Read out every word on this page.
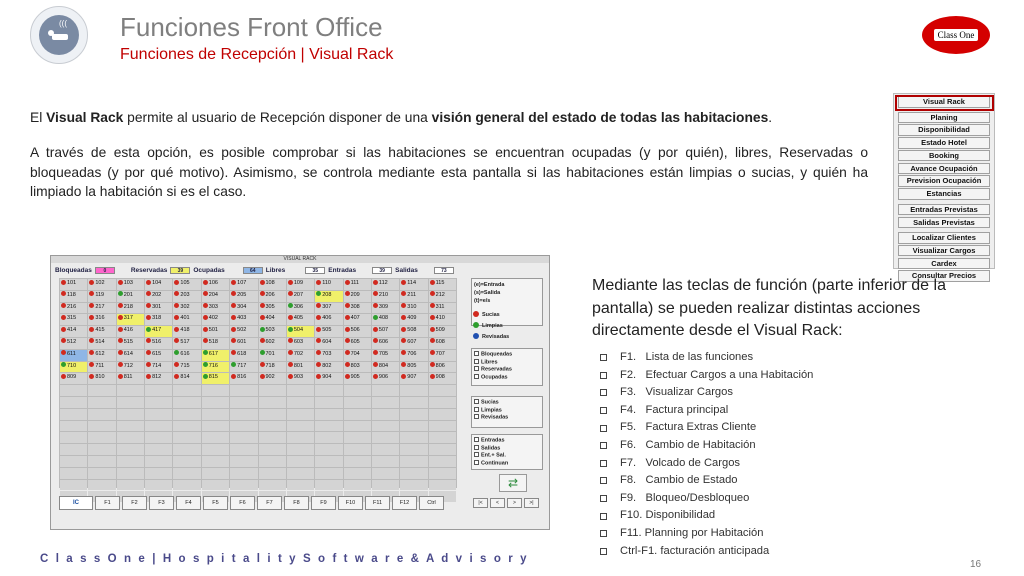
((( Funciones Front Office
Funciones de Recepción | Visual Rack
Class One
El Visual Rack permite al usuario de Recepción disponer de una visión general del estado de todas las habitaciones.
A través de esta opción, es posible comprobar si las habitaciones se encuentran ocupadas (y por quién), libres, Reservadas o bloqueadas (y por qué motivo). Asimismo, se controla mediante esta pantalla si las habitaciones están limpias o sucias, y quién ha limpiado la habitación si es el caso.
Visual Rack
Planing
Disponibilidad
Estado Hotel
Booking
Avance Ocupación
Prevision Ocupación
Estancias
Entradas Previstas
Salidas Previstas
Localizar Clientes
Visualizar Cargos
Cardex
Consultar Precios
VISUAL RACK
Bloqueadas	0	Reservadas	39	Ocupadas	64	Libres	35	Entradas	39	Salidas	73
101	102	103	104	105	106	107	108	109	110	111	112	114	115
118	119	201	202	203	204	205	206	207	208	209	210	211	212
216	217	218	301	302	303	304	305	306	307	308	309	310	311
315	316	317	318	401	402	403	404	405	406	407	408	409	410
414	415	416	417	418	501	502	503	504	505	506	507	508	509
512	514	515	516	517	518	601	602	603	604	605	606	607	608
611	612	614	615	616	617	618	701	702	703	704	705	706	707
710	711	712	714	715	716	717	718	801	802	803	804	805	806
809	810	811	812	814	815	816	902	903	904	905	906	907	908
(e)=Entrada
(s)=Salida
(t)=e/s
Sucias
Limpias
Revisadas
Bloqueadas
Libres
Reservadas
Ocupadas
Sucias
Limpias
Revisadas
Entradas
Salidas
Ent.+ Sal.
Continuan
⇄
IC	F1	F2	F3	F4	F5	F6	F7	F8	F9	F10	F11	F12	Ctrl	|<	<	>	>|
Mediante las teclas de función (parte inferior de la pantalla) se pueden realizar distintas acciones directamente desde el Visual Rack:
F1.   Lista de las funciones
F2.   Efectuar Cargos a una Habitación
F3.   Visualizar Cargos
F4.   Factura principal
F5.   Factura Extras Cliente
F6.   Cambio de Habitación
F7.   Volcado de Cargos
F8.   Cambio de Estado
F9.   Bloqueo/Desbloqueo
F10. Disponibilidad
F11. Planning por Habitación
Ctrl-F1. facturación anticipada
C l a s s O n e | H o s p i t a l i t y S o f t w a r e & A d v i s o r y	16
